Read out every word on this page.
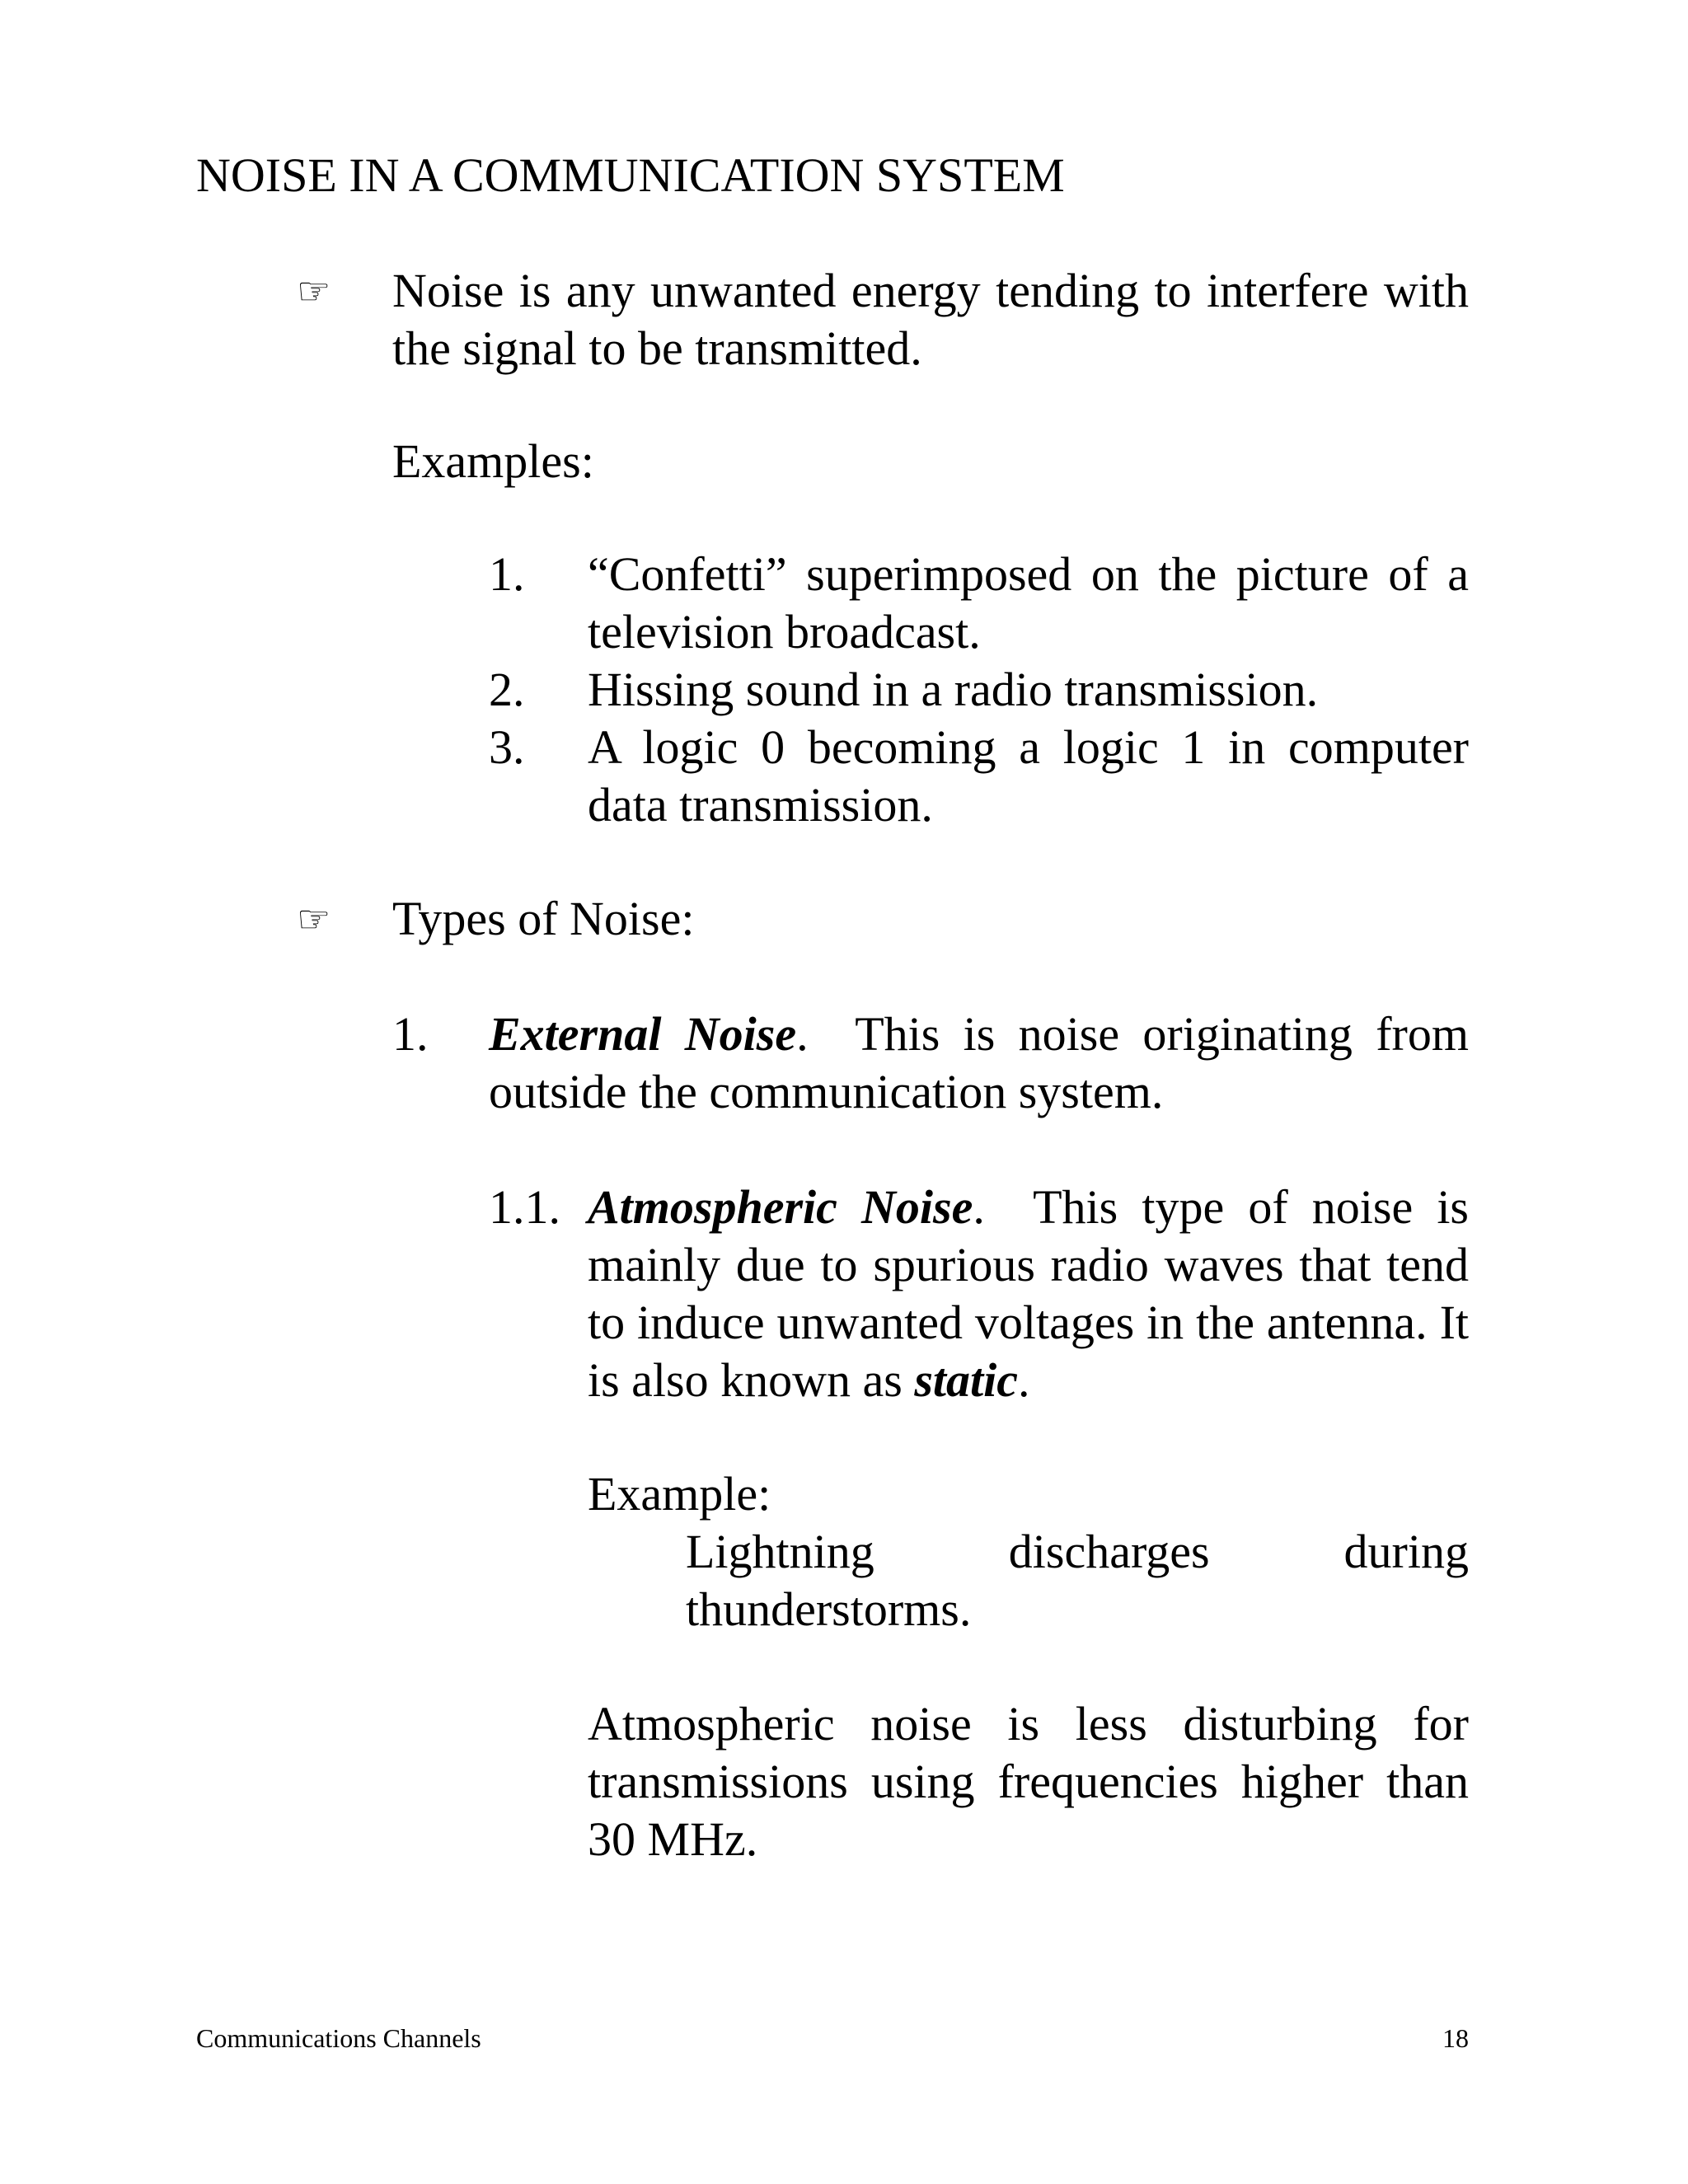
NOISE IN A COMMUNICATION SYSTEM
☞ Noise is any unwanted energy tending to interfere with the signal to be transmitted.
Examples:
1. “Confetti” superimposed on the picture of a television broadcast.
2. Hissing sound in a radio transmission.
3. A logic 0 becoming a logic 1 in computer data transmission.
☞ Types of Noise:
1. External Noise. This is noise originating from outside the communication system.
1.1. Atmospheric Noise. This type of noise is mainly due to spurious radio waves that tend to induce unwanted voltages in the antenna. It is also known as static.
Example:
Lightning	discharges	during
thunderstorms.
Atmospheric noise is less disturbing for transmissions using frequencies higher than 30 MHz.
Communications Channels	18
